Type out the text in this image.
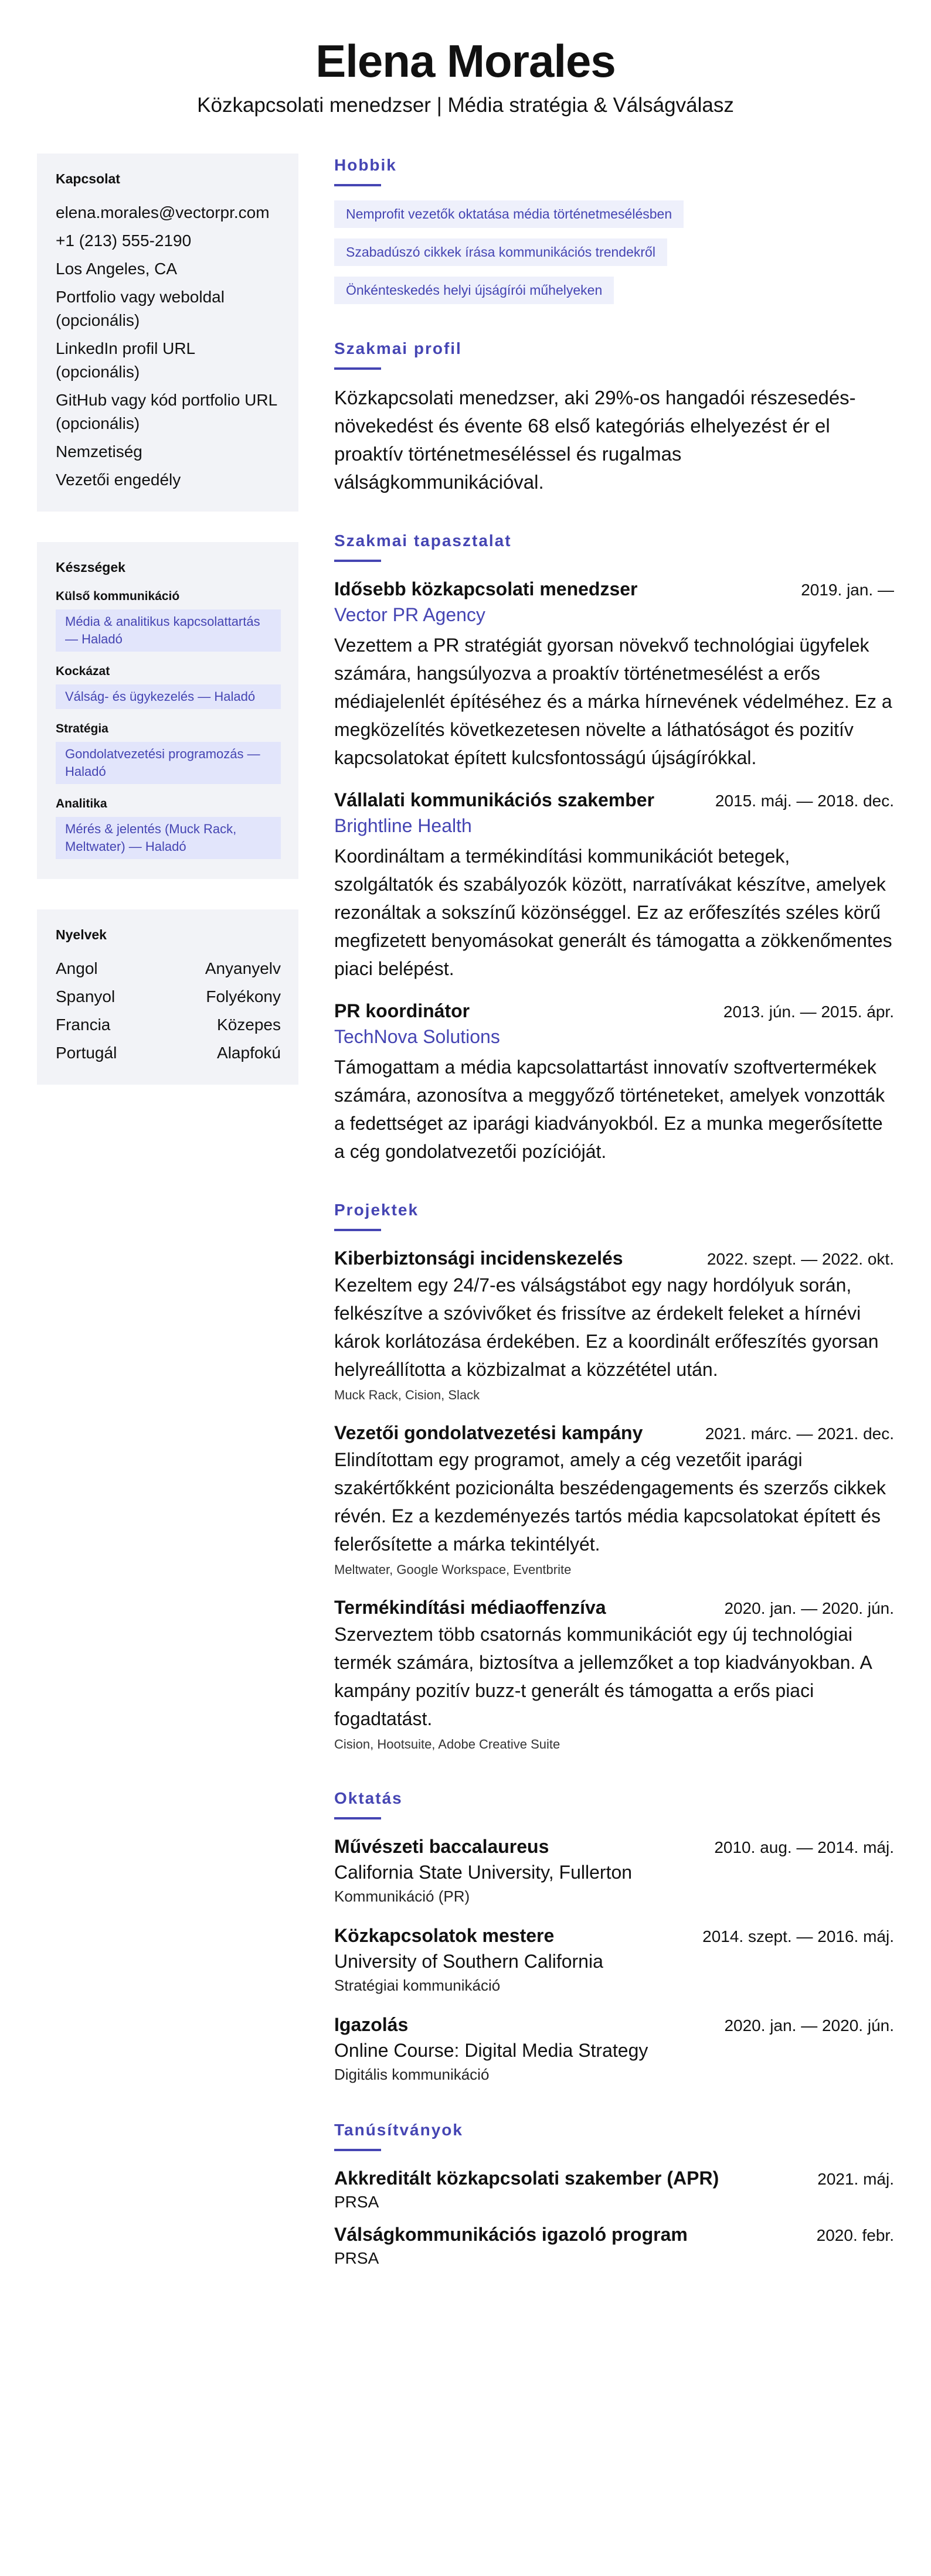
Elena Morales
Közkapcsolati menedzser | Média stratégia & Válságválasz
Kapcsolat
elena.morales@vectorpr.com
+1 (213) 555-2190
Los Angeles, CA
Portfolio vagy weboldal (opcionális)
LinkedIn profil URL (opcionális)
GitHub vagy kód portfolio URL (opcionális)
Nemzetiség
Vezetői engedély
Készségek
Külső kommunikáció
Média & analitikus kapcsolattartás — Haladó
Kockázat
Válság- és ügykezelés — Haladó
Stratégia
Gondolatvezetési programozás — Haladó
Analitika
Mérés & jelentés (Muck Rack, Meltwater) — Haladó
Nyelvek
Angol	Anyanyelv
Spanyol	Folyékony
Francia	Közepes
Portugál	Alapfokú
Hobbik
Nemprofit vezetők oktatása média történetmesélésben
Szabadúszó cikkek írása kommunikációs trendekről
Önkénteskedés helyi újságírói műhelyeken
Szakmai profil

Közkapcsolati menedzser, aki 29%-os hangadói részesedés-növekedést és évente 68 első kategóriás elhelyezést ér el proaktív történetmeséléssel és rugalmas válságkommunikációval.

Szakmai tapasztalat
Idősebb közkapcsolati menedzser	2019. jan. —
Vector PR Agency

Vezettem a PR stratégiát gyorsan növekvő technológiai ügyfelek számára, hangsúlyozva a proaktív történetmesélést a erős médiajelenlét építéséhez és a márka hírnevének védelméhez. Ez a megközelítés következetesen növelte a láthatóságot és pozitív kapcsolatokat épített kulcsfontosságú újságírókkal.

Vállalati kommunikációs szakember	2015. máj. — 2018. dec.
Brightline Health

Koordináltam a termékindítási kommunikációt betegek, szolgáltatók és szabályozók között, narratívákat készítve, amelyek rezonáltak a sokszínű közönséggel. Ez az erőfeszítés széles körű megfizetett benyomásokat generált és támogatta a zökkenőmentes piaci belépést.

PR koordinátor	2013. jún. — 2015. ápr.
TechNova Solutions

Támogattam a média kapcsolattartást innovatív szoftvertermékek számára, azonosítva a meggyőző történeteket, amelyek vonzották a fedettséget az iparági kiadványokból. Ez a munka megerősítette a cég gondolatvezetői pozícióját.

Projektek
Kiberbiztonsági incidenskezelés	2022. szept. — 2022. okt.

Kezeltem egy 24/7-es válságstábot egy nagy hordólyuk során, felkészítve a szóvivőket és frissítve az érdekelt feleket a hírnévi károk korlátozása érdekében. Ez a koordinált erőfeszítés gyorsan helyreállította a közbizalmat a közzététel után.

Muck Rack, Cision, Slack
Vezetői gondolatvezetési kampány	2021. márc. — 2021. dec.

Elindítottam egy programot, amely a cég vezetőit iparági szakértőkként pozicionálta beszédengagements és szerzős cikkek révén. Ez a kezdeményezés tartós média kapcsolatokat épített és felerősítette a márka tekintélyét.

Meltwater, Google Workspace, Eventbrite
Termékindítási médiaoffenzíva	2020. jan. — 2020. jún.

Szerveztem több csatornás kommunikációt egy új technológiai termék számára, biztosítva a jellemzőket a top kiadványokban. A kampány pozitív buzz-t generált és támogatta a erős piaci fogadtatást.

Cision, Hootsuite, Adobe Creative Suite
Oktatás
Művészeti baccalaureus	2010. aug. — 2014. máj.
California State University, Fullerton
Kommunikáció (PR)
Közkapcsolatok mestere	2014. szept. — 2016. máj.
University of Southern California
Stratégiai kommunikáció
Igazolás	2020. jan. — 2020. jún.
Online Course: Digital Media Strategy
Digitális kommunikáció
Tanúsítványok
Akkreditált közkapcsolati szakember (APR)	2021. máj.
PRSA
Válságkommunikációs igazoló program	2020. febr.
PRSA
